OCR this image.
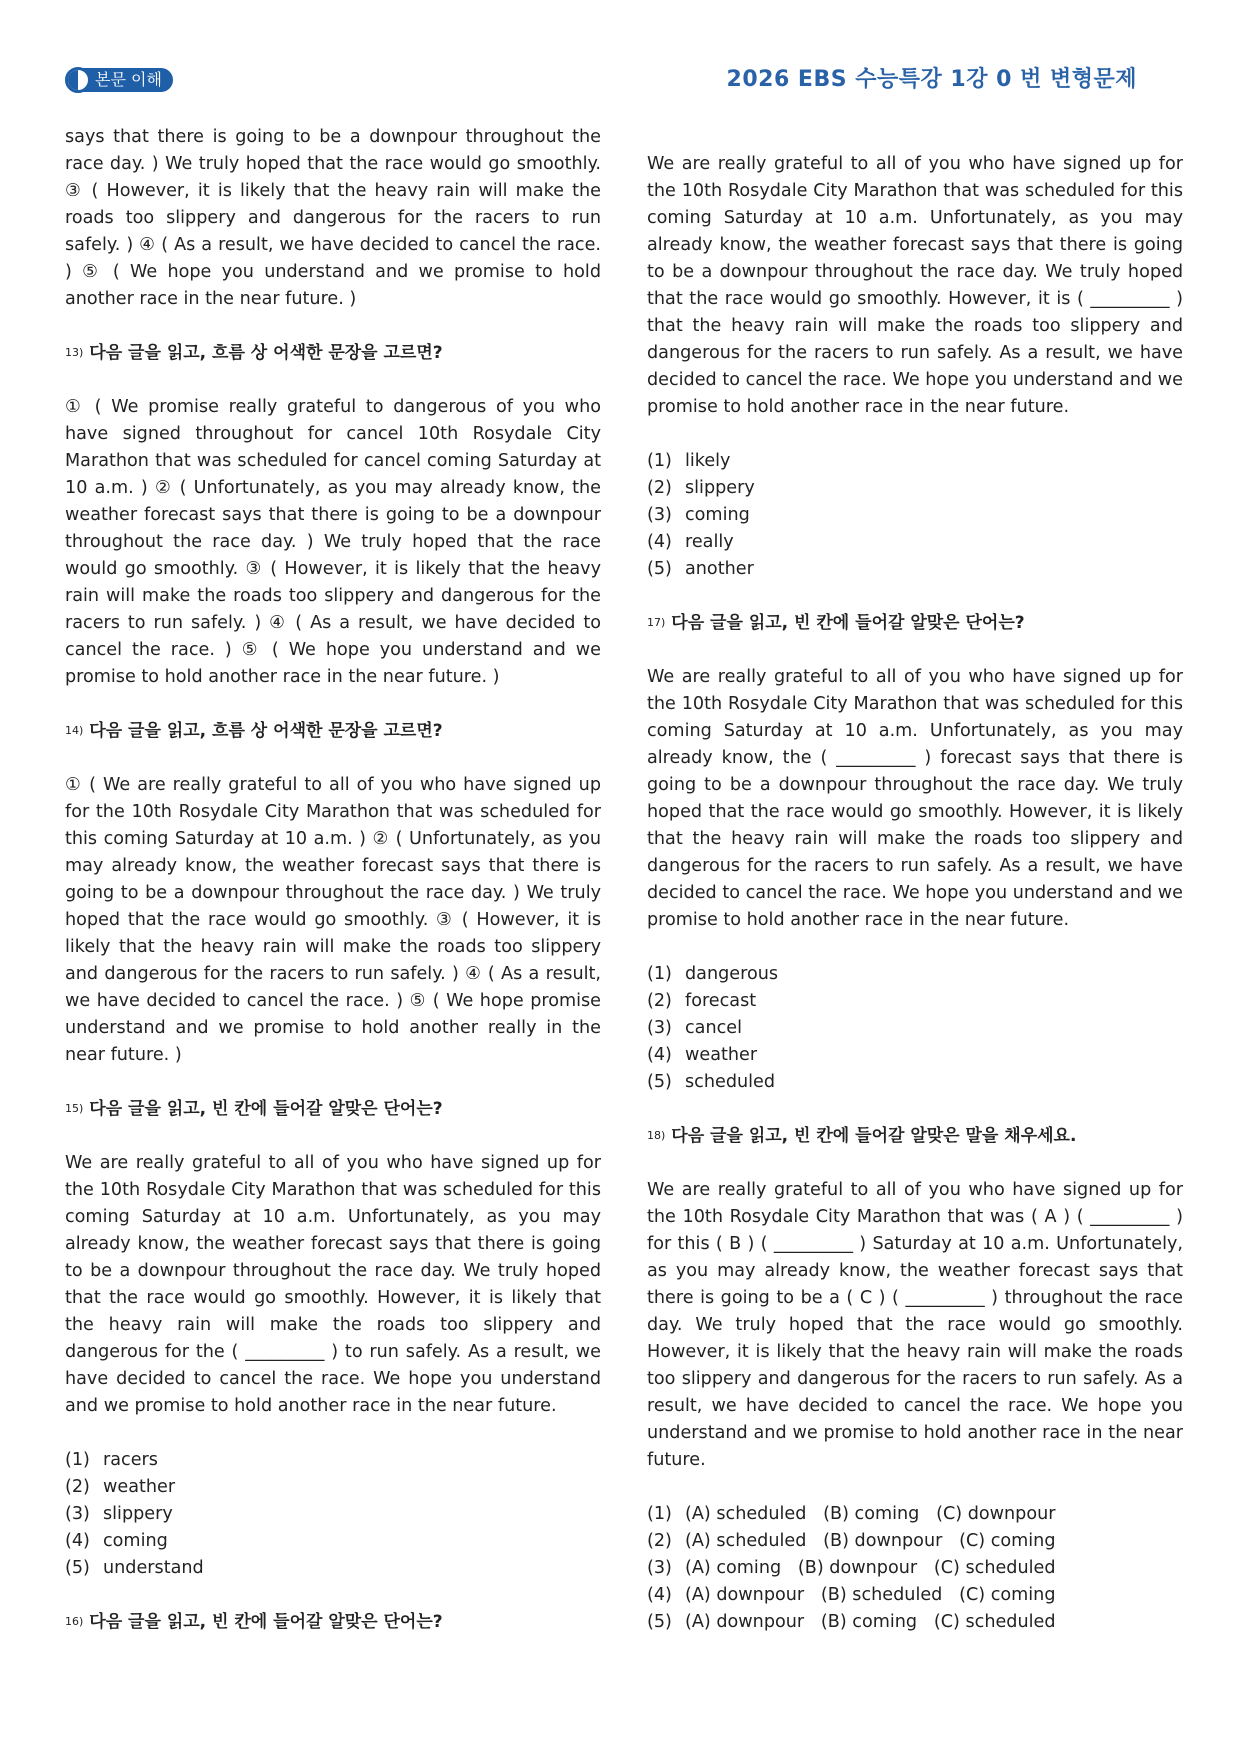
본문 이해	2026 EBS 수능특강 1강 0 번 변형문제

says that there is going to be a downpour throughout the race day. ) We truly hoped that the race would go smoothly. ③ ( However, it is likely that the heavy rain will make the roads too slippery and dangerous for the racers to run safely. ) ④ ( As a result, we have decided to cancel the race. ) ⑤ ( We hope you understand and we promise to hold another race in the near future. )

$^{13)}$ 다음 글을 읽고, 흐름 상 어색한 문장을 고르면?

① ( We promise really grateful to dangerous of you who have signed throughout for cancel 10th Rosydale City Marathon that was scheduled for cancel coming Saturday at 10 a.m. ) ② ( Unfortunately, as you may already know, the weather forecast says that there is going to be a downpour throughout the race day. ) We truly hoped that the race would go smoothly. ③ ( However, it is likely that the heavy rain will make the roads too slippery and dangerous for the racers to run safely. ) ④ ( As a result, we have decided to cancel the race. ) ⑤ ( We hope you understand and we promise to hold another race in the near future. )

$^{14)}$ 다음 글을 읽고, 흐름 상 어색한 문장을 고르면?

① ( We are really grateful to all of you who have signed up for the 10th Rosydale City Marathon that was scheduled for this coming Saturday at 10 a.m. ) ② ( Unfortunately, as you may already know, the weather forecast says that there is going to be a downpour throughout the race day. ) We truly hoped that the race would go smoothly. ③ ( However, it is likely that the heavy rain will make the roads too slippery and dangerous for the racers to run safely. ) ④ ( As a result, we have decided to cancel the race. ) ⑤ ( We hope promise understand and we promise to hold another really in the near future. )

$^{15)}$ 다음 글을 읽고, 빈 칸에 들어갈 알맞은 단어는?

We are really grateful to all of you who have signed up for the 10th Rosydale City Marathon that was scheduled for this coming Saturday at 10 a.m. Unfortunately, as you may already know, the weather forecast says that there is going to be a downpour throughout the race day. We truly hoped that the race would go smoothly. However, it is likely that the heavy rain will make the roads too slippery and dangerous for the ( _________ ) to run safely. As a result, we have decided to cancel the race. We hope you understand and we promise to hold another race in the near future.

(1) racers
(2) weather
(3) slippery
(4) coming
(5) understand

$^{16)}$ 다음 글을 읽고, 빈 칸에 들어갈 알맞은 단어는?

We are really grateful to all of you who have signed up for the 10th Rosydale City Marathon that was scheduled for this coming Saturday at 10 a.m. Unfortunately, as you may already know, the weather forecast says that there is going to be a downpour throughout the race day. We truly hoped that the race would go smoothly. However, it is ( _________ ) that the heavy rain will make the roads too slippery and dangerous for the racers to run safely. As a result, we have decided to cancel the race. We hope you understand and we promise to hold another race in the near future.

(1) likely
(2) slippery
(3) coming
(4) really
(5) another

$^{17)}$ 다음 글을 읽고, 빈 칸에 들어갈 알맞은 단어는?

We are really grateful to all of you who have signed up for the 10th Rosydale City Marathon that was scheduled for this coming Saturday at 10 a.m. Unfortunately, as you may already know, the ( _________ ) forecast says that there is going to be a downpour throughout the race day. We truly hoped that the race would go smoothly. However, it is likely that the heavy rain will make the roads too slippery and dangerous for the racers to run safely. As a result, we have decided to cancel the race. We hope you understand and we promise to hold another race in the near future.

(1) dangerous
(2) forecast
(3) cancel
(4) weather
(5) scheduled

$^{18)}$ 다음 글을 읽고, 빈 칸에 들어갈 알맞은 말을 채우세요.

We are really grateful to all of you who have signed up for the 10th Rosydale City Marathon that was ( A ) ( _________ ) for this ( B ) ( _________ ) Saturday at 10 a.m. Unfortunately, as you may already know, the weather forecast says that there is going to be a ( C ) ( _________ ) throughout the race day. We truly hoped that the race would go smoothly. However, it is likely that the heavy rain will make the roads too slippery and dangerous for the racers to run safely. As a result, we have decided to cancel the race. We hope you understand and we promise to hold another race in the near future.

(1) (A) scheduled   (B) coming   (C) downpour
(2) (A) scheduled   (B) downpour   (C) coming
(3) (A) coming   (B) downpour   (C) scheduled
(4) (A) downpour   (B) scheduled   (C) coming
(5) (A) downpour   (B) coming   (C) scheduled
